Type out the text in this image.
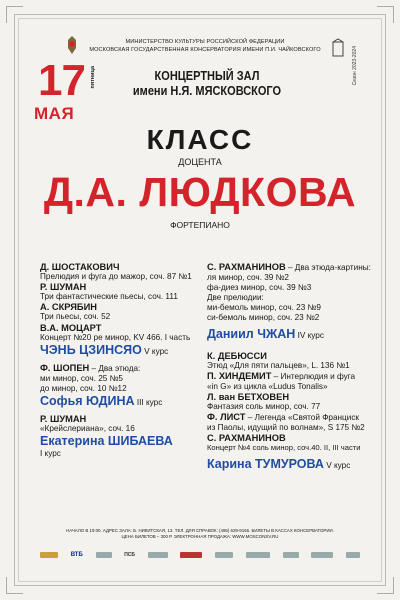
МИНИСТЕРСТВО КУЛЬТУРЫ РОССИЙСКОЙ ФЕДЕРАЦИИ
МОСКОВСКАЯ ГОСУДАРСТВЕННАЯ КОНСЕРВАТОРИЯ ИМЕНИ П.И. ЧАЙКОВСКОГО	Сезон 2023-2024
17 пятница
МАЯ
КОНЦЕРТНЫЙ ЗАЛ
имени Н.Я. МЯСКОВСКОГО
КЛАСС
ДОЦЕНТА
Д.А. ЛЮДКОВА
ФОРТЕПИАНО
Д. ШОСТАКОВИЧ
Прелюдия и фуга до мажор, соч. 87 №1
Р. ШУМАН
Три фантастические пьесы, соч. 111
А. СКРЯБИН
Три пьесы, соч. 52
В.А. МОЦАРТ
Концерт №20 ре минор, KV 466. I часть
ЧЭНЬ ЦЗИНСЯО V курс
Ф. ШОПЕН – Два этюда:
ми минор, соч. 25 №5
до минор, соч. 10 №12
Софья ЮДИНА III курс
Р. ШУМАН
«Крейслериана», соч. 16
Екатерина ШИБАЕВА
I курс
С. РАХМАНИНОВ – Два этюда-картины:
ля минор, соч. 39 №2
фа-диез минор, соч. 39 №3
Две прелюдии:
ми-бемоль минор, соч. 23 №9
си-бемоль минор, соч. 23 №2
Даниил ЧЖАН IV курс
К. ДЕБЮССИ
Этюд «Для пяти пальцев», L. 136 №1
П. ХИНДЕМИТ – Интерлюдия и фуга
«in G» из цикла «Ludus Tonalis»
Л. ван БЕТХОВЕН
Фантазия соль минор, соч. 77
Ф. ЛИСТ – Легенда «Святой Франциск
из Паолы, идущий по волнам», S 175 №2
С. РАХМАНИНОВ
Концерт №4 соль минор, соч.40. II, III части
Карина ТУМУРОВА V курс
НАЧАЛО В 19:00. АДРЕС ЗАЛА: Б. НИКИТСКАЯ, 13. ТЕЛ. ДЛЯ СПРАВОК: (495) 629-9166. БИЛЕТЫ В КАССАХ КОНСЕРВАТОРИИ.
ЦЕНА БИЛЕТОВ – 300 Р. ЭЛЕКТРОННАЯ ПРОДАЖА: WWW.MOSCONSV.RU
ВТБ	ПСБ
